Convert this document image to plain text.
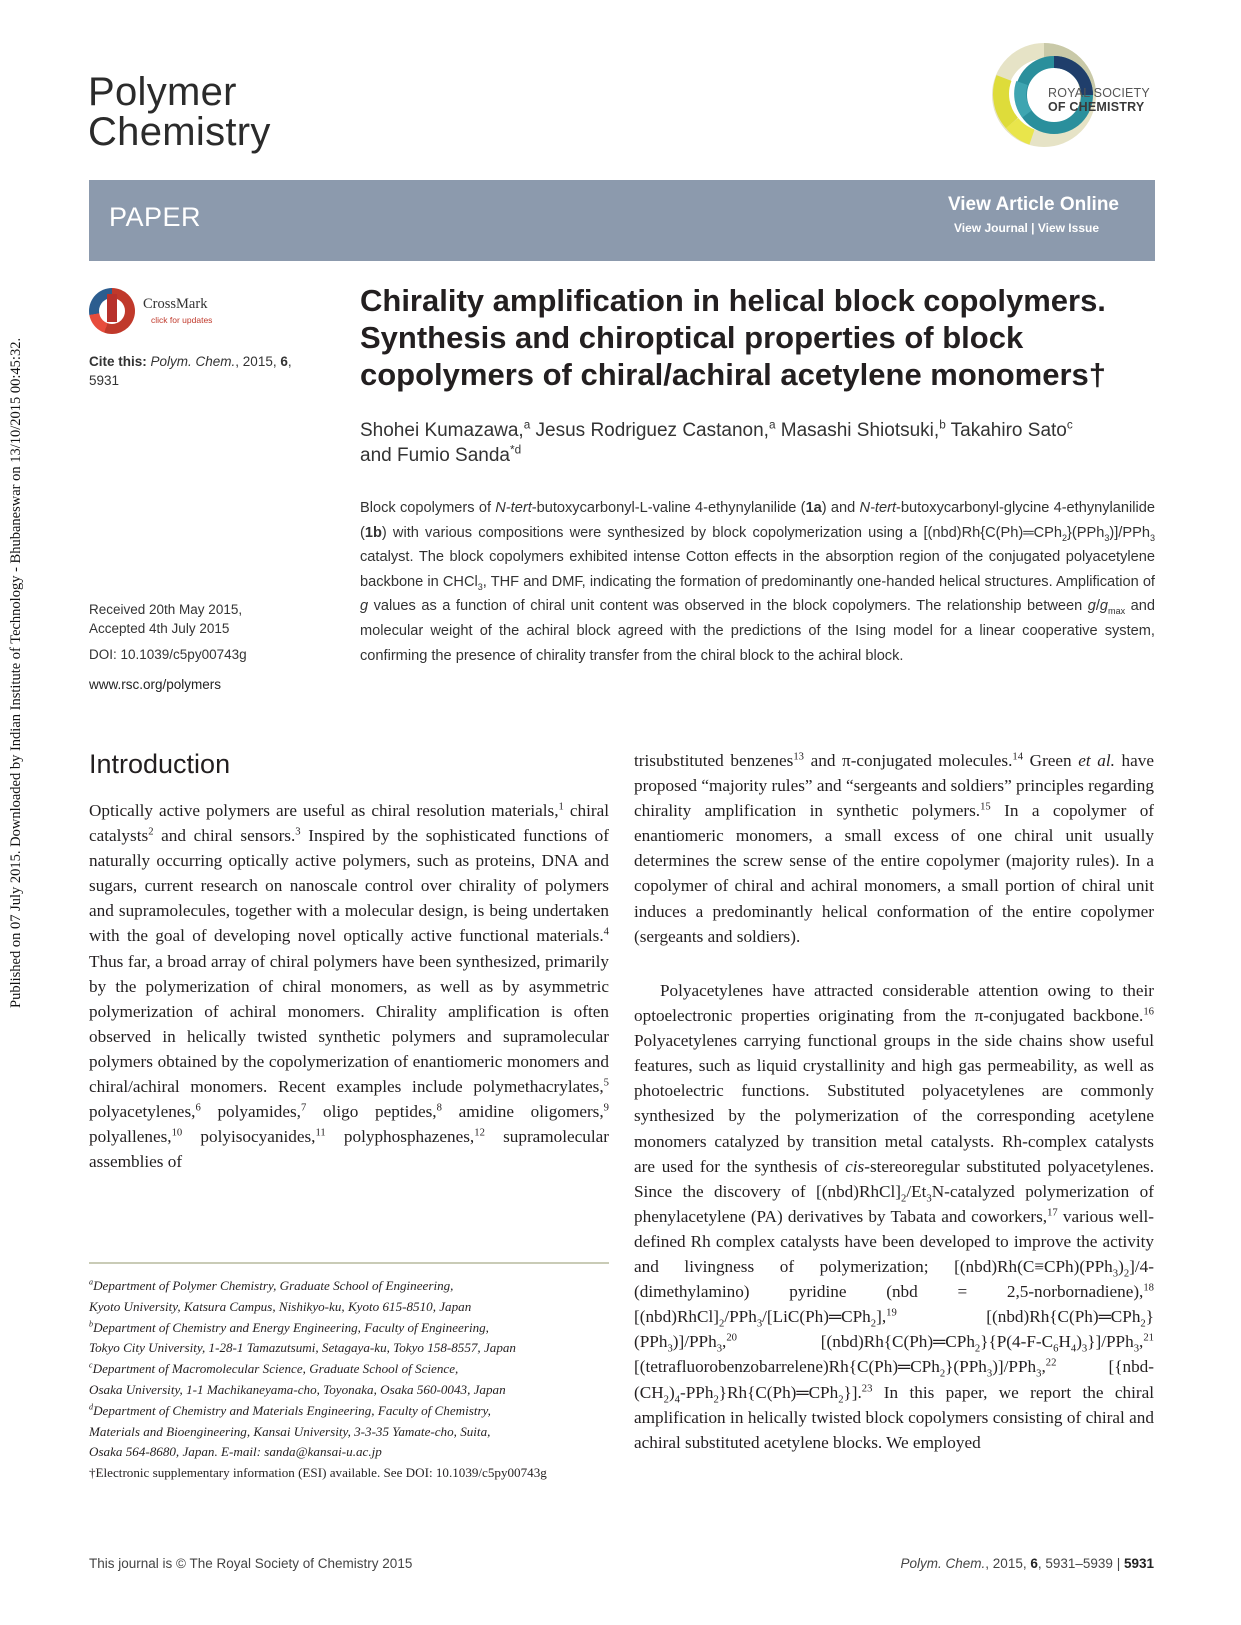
Polymer
Chemistry
ROYAL SOCIETY
OF CHEMISTRY
Published on 07 July 2015. Downloaded by Indian Institute of Technology - Bhubaneswar on 13/10/2015 00:45:32.
PAPER	View Article Online
View Journal | View Issue
CrossMark
click for updates
Cite this: Polym. Chem., 2015, 6,
5931
Received 20th May 2015,
Accepted 4th July 2015
DOI: 10.1039/c5py00743g
www.rsc.org/polymers
Chirality amplification in helical block copolymers.
Synthesis and chiroptical properties of block
copolymers of chiral/achiral acetylene monomers†
Shohei Kumazawa,$^a$ Jesus Rodriguez Castanon,$^a$ Masashi Shiotsuki,$^b$ Takahiro Sato$^c$
and Fumio Sanda$^{*d}$
Block copolymers of N-tert-butoxycarbonyl-L-valine 4-ethynylanilide (1a) and N-tert-butoxycarbonyl-glycine 4-ethynylanilide (1b) with various compositions were synthesized by block copolymerization using a [(nbd)Rh{C(Ph)═CPh$_2$}(PPh$_3$)]/PPh$_3$ catalyst. The block copolymers exhibited intense Cotton effects in the absorption region of the conjugated polyacetylene backbone in CHCl$_3$, THF and DMF, indicating the formation of predominantly one-handed helical structures. Amplification of g values as a function of chiral unit content was observed in the block copolymers. The relationship between $g/g_{max}$ and molecular weight of the achiral block agreed with the predictions of the Ising model for a linear cooperative system, confirming the presence of chirality transfer from the chiral block to the achiral block.
Introduction
Optically active polymers are useful as chiral resolution materials,$^1$ chiral catalysts$^2$ and chiral sensors.$^3$ Inspired by the sophisticated functions of naturally occurring optically active polymers, such as proteins, DNA and sugars, current research on nanoscale control over chirality of polymers and supramolecules, together with a molecular design, is being undertaken with the goal of developing novel optically active functional materials.$^4$ Thus far, a broad array of chiral polymers have been synthesized, primarily by the polymerization of chiral monomers, as well as by asymmetric polymerization of achiral monomers. Chirality amplification is often observed in helically twisted synthetic polymers and supramolecular polymers obtained by the copolymerization of enantiomeric monomers and chiral/achiral monomers. Recent examples include polymethacrylates,$^5$ polyacetylenes,$^6$ polyamides,$^7$ oligo peptides,$^8$ amidine oligomers,$^9$ polyallenes,$^{10}$ polyisocyanides,$^{11}$ polyphosphazenes,$^{12}$ supramolecular assemblies of
trisubstituted benzenes$^{13}$ and π-conjugated molecules.$^{14}$ Green et al. have proposed “majority rules” and “sergeants and soldiers” principles regarding chirality amplification in synthetic polymers.$^{15}$ In a copolymer of enantiomeric monomers, a small excess of one chiral unit usually determines the screw sense of the entire copolymer (majority rules). In a copolymer of chiral and achiral monomers, a small portion of chiral unit induces a predominantly helical conformation of the entire copolymer (sergeants and soldiers).
Polyacetylenes have attracted considerable attention owing to their optoelectronic properties originating from the π-conjugated backbone.$^{16}$ Polyacetylenes carrying functional groups in the side chains show useful features, such as liquid crystallinity and high gas permeability, as well as photoelectric functions. Substituted polyacetylenes are commonly synthesized by the polymerization of the corresponding acetylene monomers catalyzed by transition metal catalysts. Rh-complex catalysts are used for the synthesis of cis-stereoregular substituted polyacetylenes. Since the discovery of $[(nbd)RhCl]_2/Et_3N$-catalyzed polymerization of phenylacetylene (PA) derivatives by Tabata and coworkers,$^{17}$ various well-defined Rh complex catalysts have been developed to improve the activity and livingness of polymerization; $[(nbd)Rh(C\equiv CPh)(PPh_3)_2]/4-(dimethylamino)$ pyridine (nbd = 2,5-norbornadiene),$^{18}$ $[(nbd)RhCl]_2/PPh_3/[LiC(Ph)═CPh_2],^{19}$ [(nbd)Rh{C(Ph)═CPh$_2$}(PPh$_3$)]/PPh$_3$,$^{20}$ $[(nbd)Rh\{C(Ph)═CPh_2\}\{P(4-F-C_6H_4)_3\}]/PPh_3,^{21}$ [(tetrafluorobenzobarrelene)Rh{C(Ph)═CPh$_2$}(PPh$_3$)]/PPh$_3$,$^{22}$ $[\{nbd-(CH_2)_4-PPh_2\}Rh\{C(Ph)═CPh_2\}].^{23}$ In this paper, we report the chiral amplification in helically twisted block copolymers consisting of chiral and achiral substituted acetylene blocks. We employed
$^a$Department of Polymer Chemistry, Graduate School of Engineering,
Kyoto University, Katsura Campus, Nishikyo-ku, Kyoto 615-8510, Japan
$^b$Department of Chemistry and Energy Engineering, Faculty of Engineering,
Tokyo City University, 1-28-1 Tamazutsumi, Setagaya-ku, Tokyo 158-8557, Japan
$^c$Department of Macromolecular Science, Graduate School of Science,
Osaka University, 1-1 Machikaneyama-cho, Toyonaka, Osaka 560-0043, Japan
$^d$Department of Chemistry and Materials Engineering, Faculty of Chemistry,
Materials and Bioengineering, Kansai University, 3-3-35 Yamate-cho, Suita,
Osaka 564-8680, Japan. E-mail: sanda@kansai-u.ac.jp
†Electronic supplementary information (ESI) available. See DOI: 10.1039/c5py00743g
This journal is © The Royal Society of Chemistry 2015	Polym. Chem., 2015, 6, 5931–5939 | 5931
